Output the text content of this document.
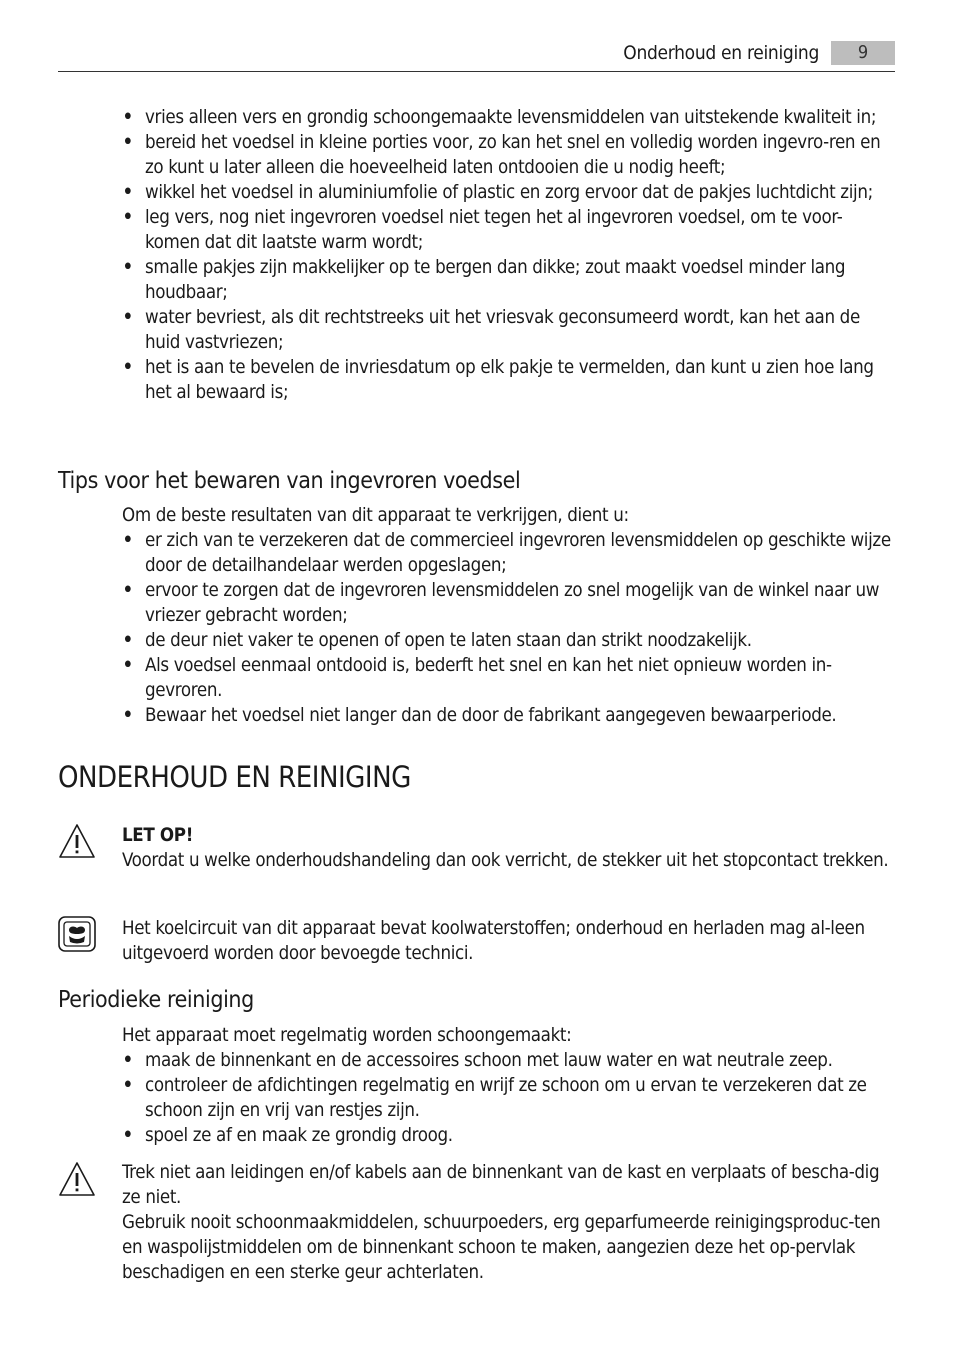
Onderhoud en reiniging	9
• vries alleen vers en grondig schoongemaakte levensmiddelen van uitstekende kwaliteit in;
• bereid het voedsel in kleine porties voor, zo kan het snel en volledig worden ingevro-ren en zo kunt u later alleen die hoeveelheid laten ontdooien die u nodig heeft;
• wikkel het voedsel in aluminiumfolie of plastic en zorg ervoor dat de pakjes luchtdicht zijn;
• leg vers, nog niet ingevroren voedsel niet tegen het al ingevroren voedsel, om te voor-komen dat dit laatste warm wordt;
• smalle pakjes zijn makkelijker op te bergen dan dikke; zout maakt voedsel minder lang houdbaar;
• water bevriest, als dit rechtstreeks uit het vriesvak geconsumeerd wordt, kan het aan de huid vastvriezen;
• het is aan te bevelen de invriesdatum op elk pakje te vermelden, dan kunt u zien hoe lang het al bewaard is;
Tips voor het bewaren van ingevroren voedsel

Om de beste resultaten van dit apparaat te verkrijgen, dient u:

• er zich van te verzekeren dat de commercieel ingevroren levensmiddelen op geschikte wijze door de detailhandelaar werden opgeslagen;
• ervoor te zorgen dat de ingevroren levensmiddelen zo snel mogelijk van de winkel naar uw vriezer gebracht worden;
• de deur niet vaker te openen of open te laten staan dan strikt noodzakelijk.
• Als voedsel eenmaal ontdooid is, bederft het snel en kan het niet opnieuw worden in-gevroren.
• Bewaar het voedsel niet langer dan de door de fabrikant aangegeven bewaarperiode.
ONDERHOUD EN REINIGING

LET OP!

Voordat u welke onderhoudshandeling dan ook verricht, de stekker uit het stopcontact trekken.

Het koelcircuit van dit apparaat bevat koolwaterstoffen; onderhoud en herladen mag al-leen uitgevoerd worden door bevoegde technici.

Periodieke reiniging

Het apparaat moet regelmatig worden schoongemaakt:

• maak de binnenkant en de accessoires schoon met lauw water en wat neutrale zeep.
• controleer de afdichtingen regelmatig en wrijf ze schoon om u ervan te verzekeren dat ze schoon zijn en vrij van restjes zijn.
• spoel ze af en maak ze grondig droog.

Trek niet aan leidingen en/of kabels aan de binnenkant van de kast en verplaats of bescha-dig ze niet.

Gebruik nooit schoonmaakmiddelen, schuurpoeders, erg geparfumeerde reinigingsproduc-ten en waspolijstmiddelen om de binnenkant schoon te maken, aangezien deze het op-pervlak beschadigen en een sterke geur achterlaten.
